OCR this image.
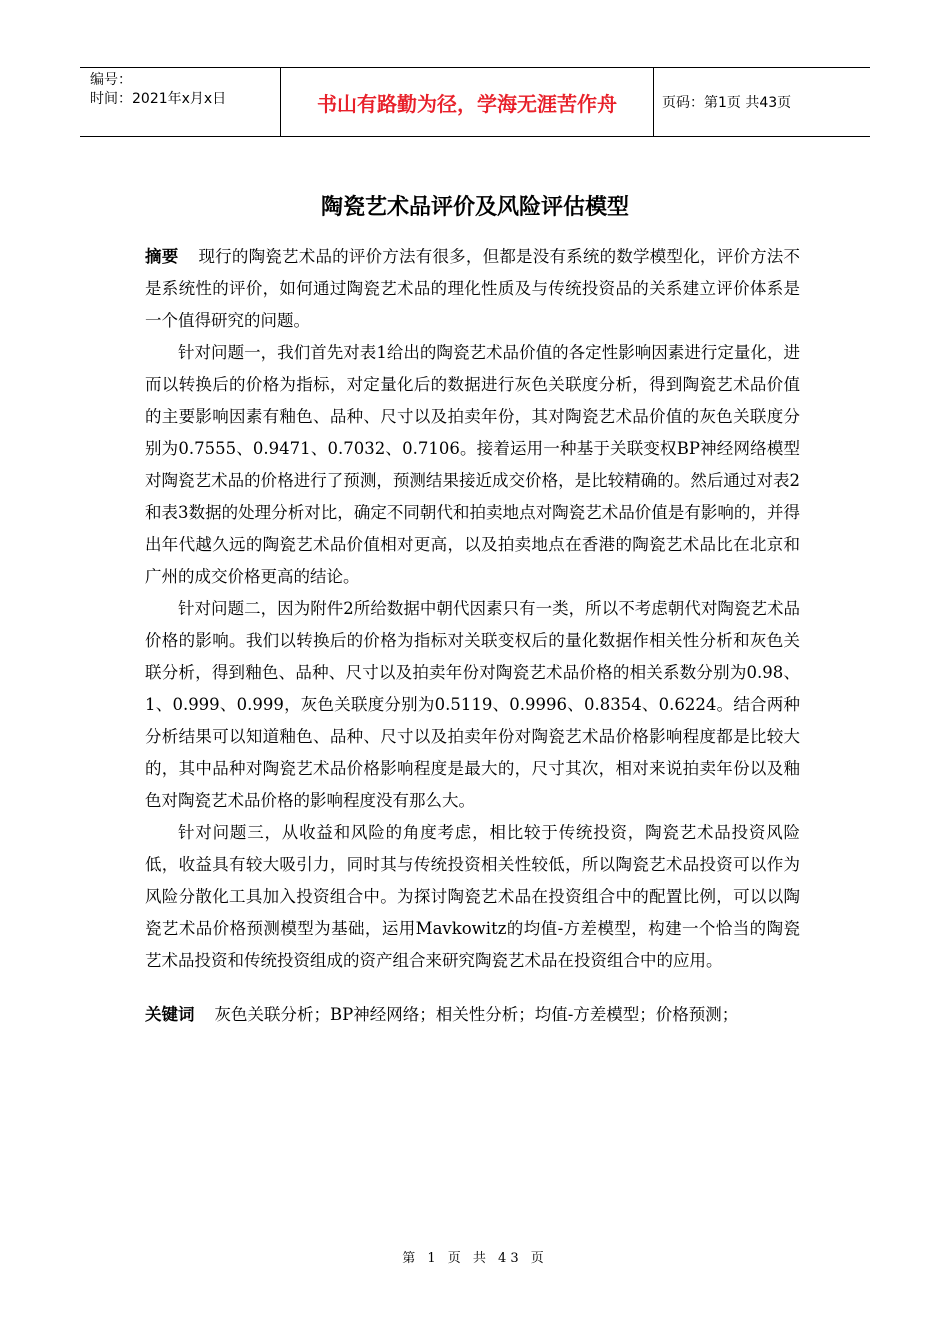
编号：
时间：2021年x月x日	书山有路勤为径，学海无涯苦作舟	页码：第1页 共43页
陶瓷艺术品评价及风险评估模型

摘要 现行的陶瓷艺术品的评价方法有很多，但都是没有系统的数学模型化，评价方法不是系统性的评价，如何通过陶瓷艺术品的理化性质及与传统投资品的关系建立评价体系是一个值得研究的问题。

针对问题一，我们首先对表1给出的陶瓷艺术品价值的各定性影响因素进行定量化，进而以转换后的价格为指标，对定量化后的数据进行灰色关联度分析，得到陶瓷艺术品价值的主要影响因素有釉色、品种、尺寸以及拍卖年份，其对陶瓷艺术品价值的灰色关联度分别为0.7555、0.9471、0.7032、0.7106。接着运用一种基于关联变权BP神经网络模型对陶瓷艺术品的价格进行了预测，预测结果接近成交价格，是比较精确的。然后通过对表2和表3数据的处理分析对比，确定不同朝代和拍卖地点对陶瓷艺术品价值是有影响的，并得出年代越久远的陶瓷艺术品价值相对更高，以及拍卖地点在香港的陶瓷艺术品比在北京和广州的成交价格更高的结论。

针对问题二，因为附件2所给数据中朝代因素只有一类，所以不考虑朝代对陶瓷艺术品价格的影响。我们以转换后的价格为指标对关联变权后的量化数据作相关性分析和灰色关联分析，得到釉色、品种、尺寸以及拍卖年份对陶瓷艺术品价格的相关系数分别为0.98、1、0.999、0.999，灰色关联度分别为0.5119、0.9996、0.8354、0.6224。结合两种分析结果可以知道釉色、品种、尺寸以及拍卖年份对陶瓷艺术品价格影响程度都是比较大的，其中品种对陶瓷艺术品价格影响程度是最大的，尺寸其次，相对来说拍卖年份以及釉色对陶瓷艺术品价格的影响程度没有那么大。

针对问题三，从收益和风险的角度考虑，相比较于传统投资，陶瓷艺术品投资风险低，收益具有较大吸引力，同时其与传统投资相关性较低，所以陶瓷艺术品投资可以作为风险分散化工具加入投资组合中。为探讨陶瓷艺术品在投资组合中的配置比例，可以以陶瓷艺术品价格预测模型为基础，运用Mavkowitz的均值-方差模型，构建一个恰当的陶瓷艺术品投资和传统投资组成的资产组合来研究陶瓷艺术品在投资组合中的应用。

关键词 灰色关联分析；BP神经网络；相关性分析；均值-方差模型；价格预测；

第 1 页 共 43 页
